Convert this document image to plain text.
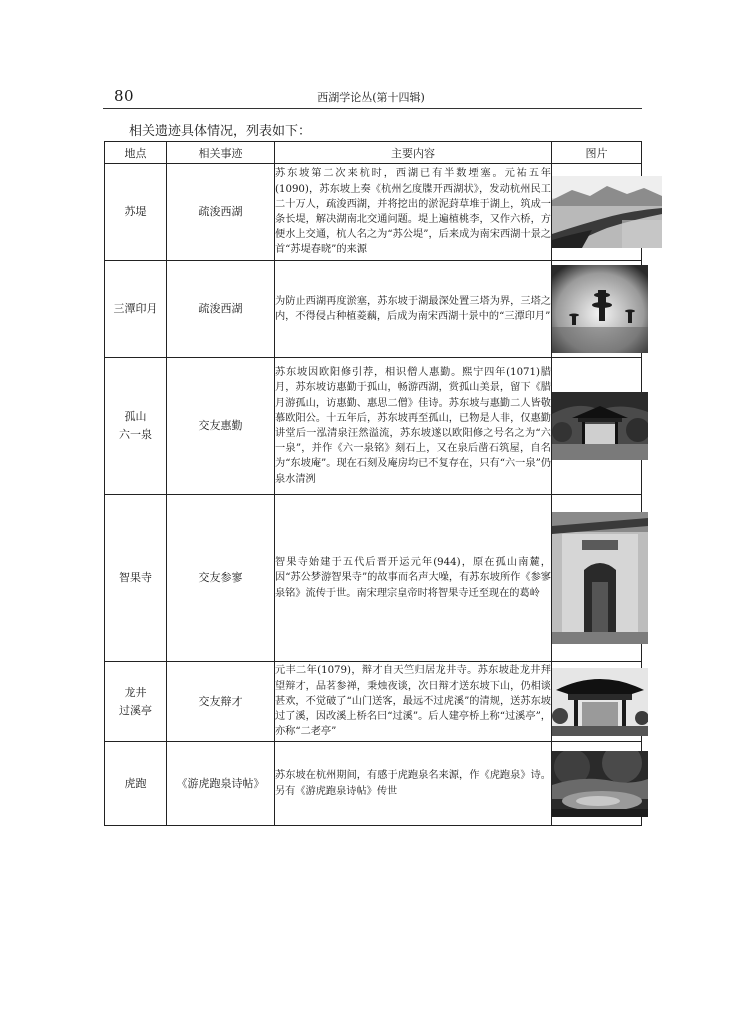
80	西湖学论丛(第十四辑)
相关遗迹具体情况，列表如下：
地点	相关事迹	主要内容	图片
苏堤	疏浚西湖	苏东坡第二次来杭时，西湖已有半数堙塞。元祐五年(1090)，苏东坡上奏《杭州乞度牒开西湖状》，发动杭州民工二十万人，疏浚西湖，并将挖出的淤泥葑草堆于湖上，筑成一条长堤，解决湖南北交通问题。堤上遍植桃李，又作六桥，方便水上交通，杭人名之为“苏公堤”，后来成为南宋西湖十景之首“苏堤春晓”的来源	

三潭印月	疏浚西湖	为防止西湖再度淤塞，苏东坡于湖最深处置三塔为界，三塔之内，不得侵占种植菱藕，后成为南宋西湖十景中的“三潭印月”	

孤山
六一泉	交友惠勤	苏东坡因欧阳修引荐，相识僧人惠勤。熙宁四年(1071)腊月，苏东坡访惠勤于孤山，畅游西湖，赏孤山美景，留下《腊月游孤山，访惠勤、惠思二僧》佳诗。苏东坡与惠勤二人皆敬慕欧阳公。十五年后，苏东坡再至孤山，已物是人非，仅惠勤讲堂后一泓清泉汪然溢流，苏东坡遂以欧阳修之号名之为“六一泉”，并作《六一泉铭》刻石上，又在泉后凿石筑屋，自名为“东坡庵”。现在石刻及庵房均已不复存在，只有“六一泉”仍泉水清洌	

智果寺	交友参寥	智果寺始建于五代后晋开运元年(944)，原在孤山南麓，因“苏公梦游智果寺”的故事而名声大噪，有苏东坡所作《参寥泉铭》流传于世。南宋理宗皇帝时将智果寺迁至现在的葛岭	

龙井
过溪亭	交友辩才	元丰二年(1079)，辩才自天竺归居龙井寺。苏东坡赴龙井拜望辩才，品茗参禅，秉烛夜谈，次日辩才送东坡下山，仍相谈甚欢，不觉破了“山门送客，最远不过虎溪”的清规，送苏东坡过了溪，因改溪上桥名曰“过溪”。后人建亭桥上称“过溪亭”，亦称“二老亭”	

虎跑	《游虎跑泉诗帖》	苏东坡在杭州期间，有感于虎跑泉名来源，作《虎跑泉》诗。另有《游虎跑泉诗帖》传世	
